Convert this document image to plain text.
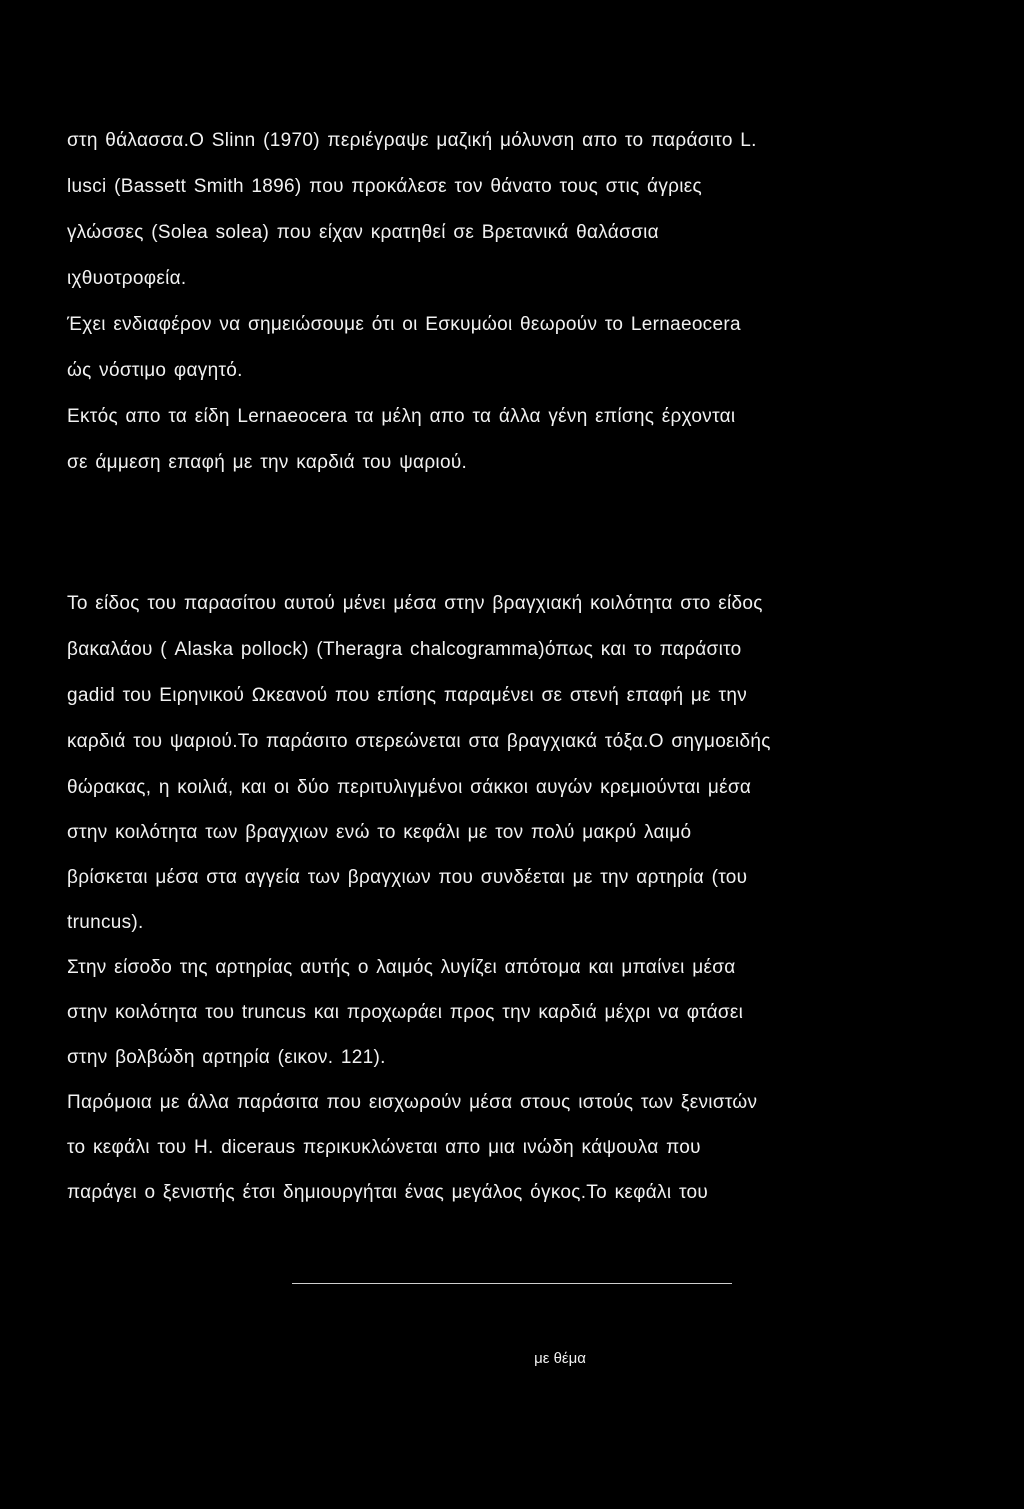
στη θάλασσα.Ο Slinn (1970) περιέγραψε μαζική μόλυνση απο το παράσιτο L.
lusci (Bassett Smith 1896) που προκάλεσε τον θάνατο τους στις άγριες
γλώσσες (Solea solea) που είχαν κρατηθεί σε Βρετανικά θαλάσσια
ιχθυοτροφεία.
Έχει ενδιαφέρον να σημειώσουμε ότι οι Εσκυμώοι θεωρούν το Lernaeocera
ώς νόστιμο φαγητό.
Εκτός απο τα είδη Lernaeocera τα μέλη απο τα άλλα γένη επίσης έρχονται
σε άμμεση επαφή με την καρδιά του ψαριού.
Το είδος του παρασίτου αυτού μένει μέσα στην βραγχιακή κοιλότητα στο είδος
βακαλάου ( Alaska pollock) (Theragra chalcogramma)όπως και το παράσιτο
gadid του Ειρηνικού Ωκεανού που επίσης παραμένει σε στενή επαφή με την
καρδιά του ψαριού.Το παράσιτο στερεώνεται στα βραγχιακά τόξα.Ο σηγμοειδής
θώρακας, η κοιλιά, και οι δύο περιτυλιγμένοι σάκκοι αυγών κρεμιούνται μέσα
στην κοιλότητα των βραγχιων ενώ το κεφάλι με τον πολύ μακρύ λαιμό
βρίσκεται μέσα στα αγγεία των βραγχιων που συνδέεται με την αρτηρία (του
truncus).
Στην είσοδο της αρτηρίας αυτής ο λαιμός λυγίζει απότομα και μπαίνει μέσα
στην κοιλότητα του truncus και προχωράει προς την καρδιά μέχρι να φτάσει
στην βολβώδη αρτηρία (εικον. 121).
Παρόμοια με άλλα παράσιτα που εισχωρούν μέσα στους ιστούς των ξενιστών
το κεφάλι του Η. diceraus περικυκλώνεται απο μια ινώδη κάψουλα που
παράγει ο ξενιστής έτσι δημιουργήται ένας μεγάλος όγκος.Το κεφάλι του
με θέμα
